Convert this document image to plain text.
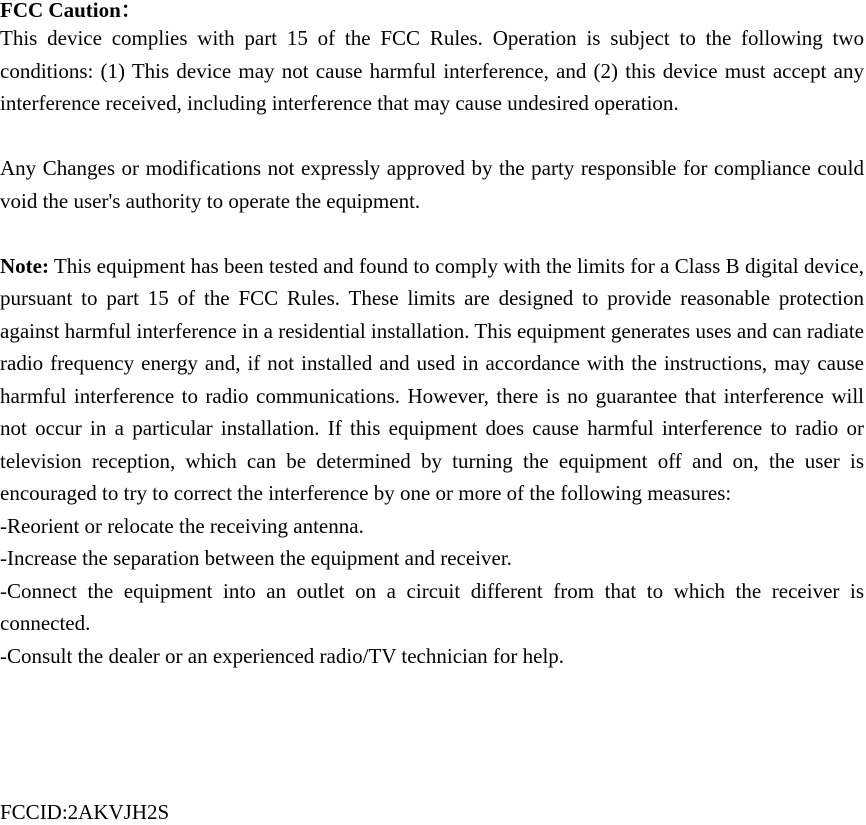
FCC Caution：

This device complies with part 15 of the FCC Rules. Operation is subject to the following two conditions: (1) This device may not cause harmful interference, and (2) this device must accept any interference received, including interference that may cause undesired operation.

Any Changes or modifications not expressly approved by the party responsible for compliance could void the user's authority to operate the equipment.

Note: This equipment has been tested and found to comply with the limits for a Class B digital device, pursuant to part 15 of the FCC Rules. These limits are designed to provide reasonable protection against harmful interference in a residential installation. This equipment generates uses and can radiate radio frequency energy and, if not installed and used in accordance with the instructions, may cause harmful interference to radio communications. However, there is no guarantee that interference will not occur in a particular installation. If this equipment does cause harmful interference to radio or television reception, which can be determined by turning the equipment off and on, the user is encouraged to try to correct the interference by one or more of the following measures:

-Reorient or relocate the receiving antenna.

-Increase the separation between the equipment and receiver.

-Connect the equipment into an outlet on a circuit different from that to which the receiver is connected.

-Consult the dealer or an experienced radio/TV technician for help.

FCCID:2AKVJH2S
